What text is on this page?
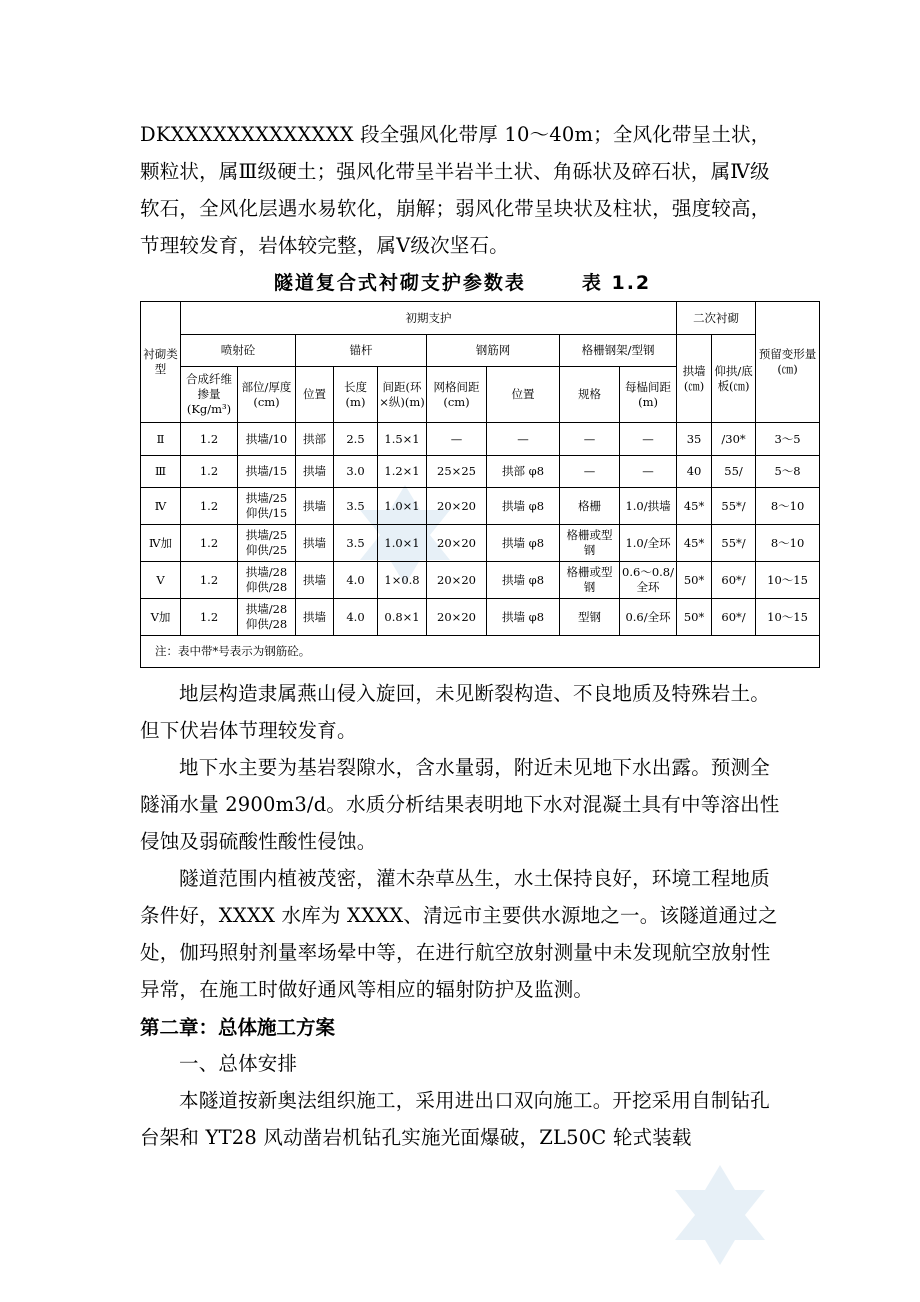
DKXXXXXXXXXXXXX 段全强风化带厚 10～40m；全风化带呈土状，颗粒状，属Ⅲ级硬土；强风化带呈半岩半土状、角砾状及碎石状，属Ⅳ级软石，全风化层遇水易软化，崩解；弱风化带呈块状及柱状，强度较高，节理较发育，岩体较完整，属Ⅴ级次坚石。
隧道复合式衬砌支护参数表	表 1.2
衬砌类型	初期支护									二次衬砌		预留变形量(㎝)
	喷射砼		锚杆			钢筋网		格栅钢架/型钢		拱墙(㎝)	仰拱/底板(㎝)	
	合成纤维掺量(Kg/m³)	部位/厚度(cm)	位置	长度(m)	间距(环×纵)(m)	网格间距(cm)	位置	规格	每榀间距(m)			
Ⅱ	1.2	拱墙/10	拱部	2.5	1.5×1	—	—	—	—	35	/30*	3～5
Ⅲ	1.2	拱墙/15	拱墙	3.0	1.2×1	25×25	拱部 φ8	—	—	40	55/	5～8
Ⅳ	1.2	拱墙/25 仰供/15	拱墙	3.5	1.0×1	20×20	拱墙 φ8	格栅	1.0/拱墙	45*	55*/	8～10
Ⅳ加	1.2	拱墙/25 仰供/25	拱墙	3.5	1.0×1	20×20	拱墙 φ8	格栅或型钢	1.0/全环	45*	55*/	8～10
Ⅴ	1.2	拱墙/28 仰供/28	拱墙	4.0	1×0.8	20×20	拱墙 φ8	格栅或型钢	0.6～0.8/全环	50*	60*/	10～15
Ⅴ加	1.2	拱墙/28 仰供/28	拱墙	4.0	0.8×1	20×20	拱墙 φ8	型钢	0.6/全环	50*	60*/	10～15
注：表中带*号表示为钢筋砼。												
地层构造隶属燕山侵入旋回，未见断裂构造、不良地质及特殊岩土。但下伏岩体节理较发育。
地下水主要为基岩裂隙水，含水量弱，附近未见地下水出露。预测全隧涌水量 2900m3/d。水质分析结果表明地下水对混凝土具有中等溶出性侵蚀及弱硫酸性酸性侵蚀。
隧道范围内植被茂密，灌木杂草丛生，水土保持良好，环境工程地质条件好，XXXX 水库为 XXXX、清远市主要供水源地之一。该隧道通过之处，伽玛照射剂量率场晕中等，在进行航空放射测量中未发现航空放射性异常，在施工时做好通风等相应的辐射防护及监测。
第二章：总体施工方案
一、总体安排
本隧道按新奥法组织施工，采用进出口双向施工。开挖采用自制钻孔台架和 YT28 风动凿岩机钻孔实施光面爆破，ZL50C 轮式装载
